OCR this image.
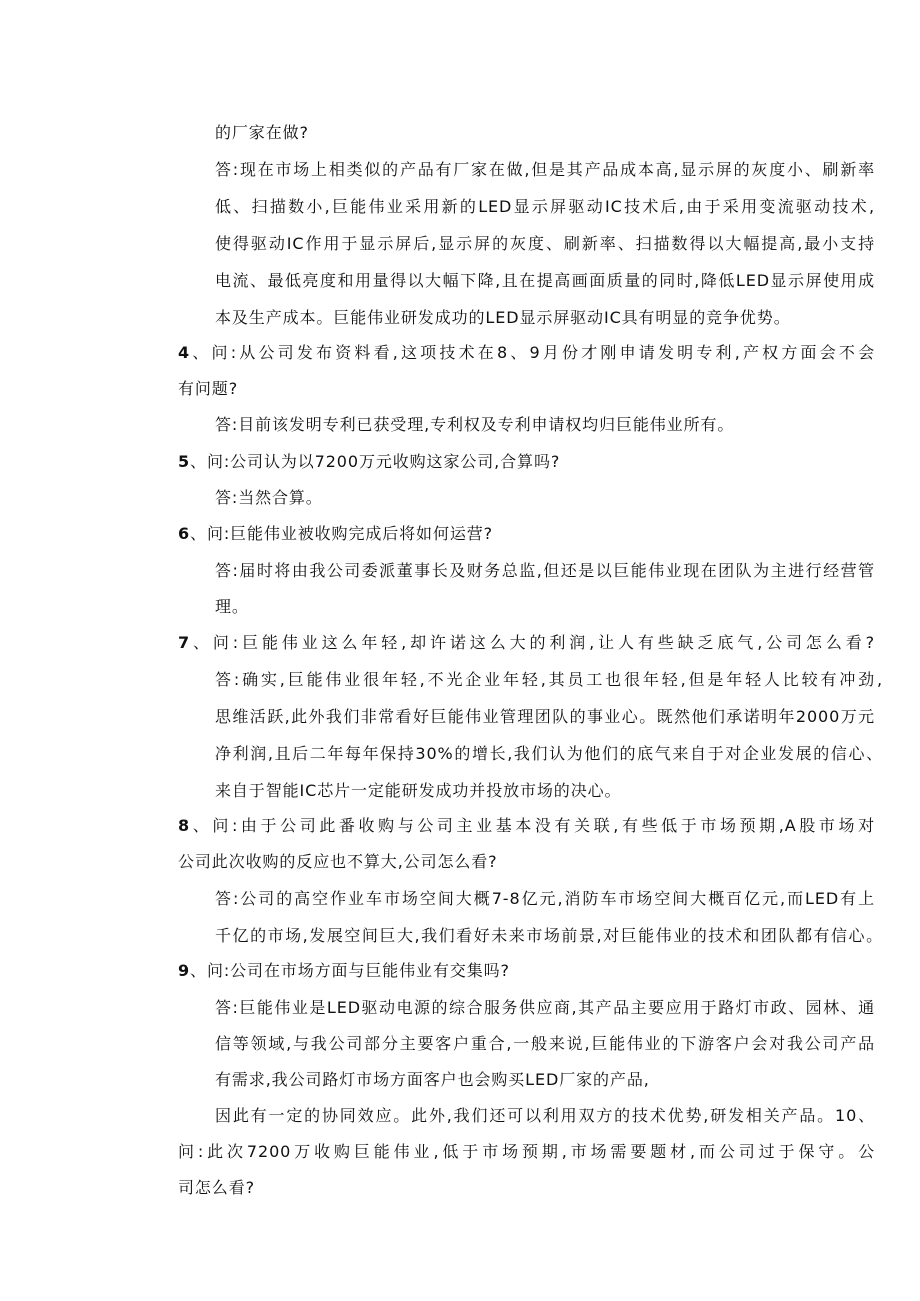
的厂家在做?
答:现在市场上相类似的产品有厂家在做,但是其产品成本高,显示屏的灰度小、刷新率
低、扫描数小,巨能伟业采用新的LED显示屏驱动IC技术后,由于采用变流驱动技术,
使得驱动IC作用于显示屏后,显示屏的灰度、刷新率、扫描数得以大幅提高,最小支持
电流、最低亮度和用量得以大幅下降,且在提高画面质量的同时,降低LED显示屏使用成
本及生产成本。巨能伟业研发成功的LED显示屏驱动IC具有明显的竞争优势。
4、问:从公司发布资料看,这项技术在8、9月份才刚申请发明专利,产权方面会不会
有问题?
答:目前该发明专利已获受理,专利权及专利申请权均归巨能伟业所有。
5、问:公司认为以7200万元收购这家公司,合算吗?
答:当然合算。
6、问:巨能伟业被收购完成后将如何运营?
答:届时将由我公司委派董事长及财务总监,但还是以巨能伟业现在团队为主进行经营管
理。
7、问:巨能伟业这么年轻,却许诺这么大的利润,让人有些缺乏底气,公司怎么看?
答:确实,巨能伟业很年轻,不光企业年轻,其员工也很年轻,但是年轻人比较有冲劲,
思维活跃,此外我们非常看好巨能伟业管理团队的事业心。既然他们承诺明年2000万元
净利润,且后二年每年保持30%的增长,我们认为他们的底气来自于对企业发展的信心、
来自于智能IC芯片一定能研发成功并投放市场的决心。
8、问:由于公司此番收购与公司主业基本没有关联,有些低于市场预期,A股市场对
公司此次收购的反应也不算大,公司怎么看?
答:公司的高空作业车市场空间大概7-8亿元,消防车市场空间大概百亿元,而LED有上
千亿的市场,发展空间巨大,我们看好未来市场前景,对巨能伟业的技术和团队都有信心。
9、问:公司在市场方面与巨能伟业有交集吗?
答:巨能伟业是LED驱动电源的综合服务供应商,其产品主要应用于路灯市政、园林、通
信等领域,与我公司部分主要客户重合,一般来说,巨能伟业的下游客户会对我公司产品
有需求,我公司路灯市场方面客户也会购买LED厂家的产品,
因此有一定的协同效应。此外,我们还可以利用双方的技术优势,研发相关产品。10、
问:此次7200万收购巨能伟业,低于市场预期,市场需要题材,而公司过于保守。公
司怎么看?
